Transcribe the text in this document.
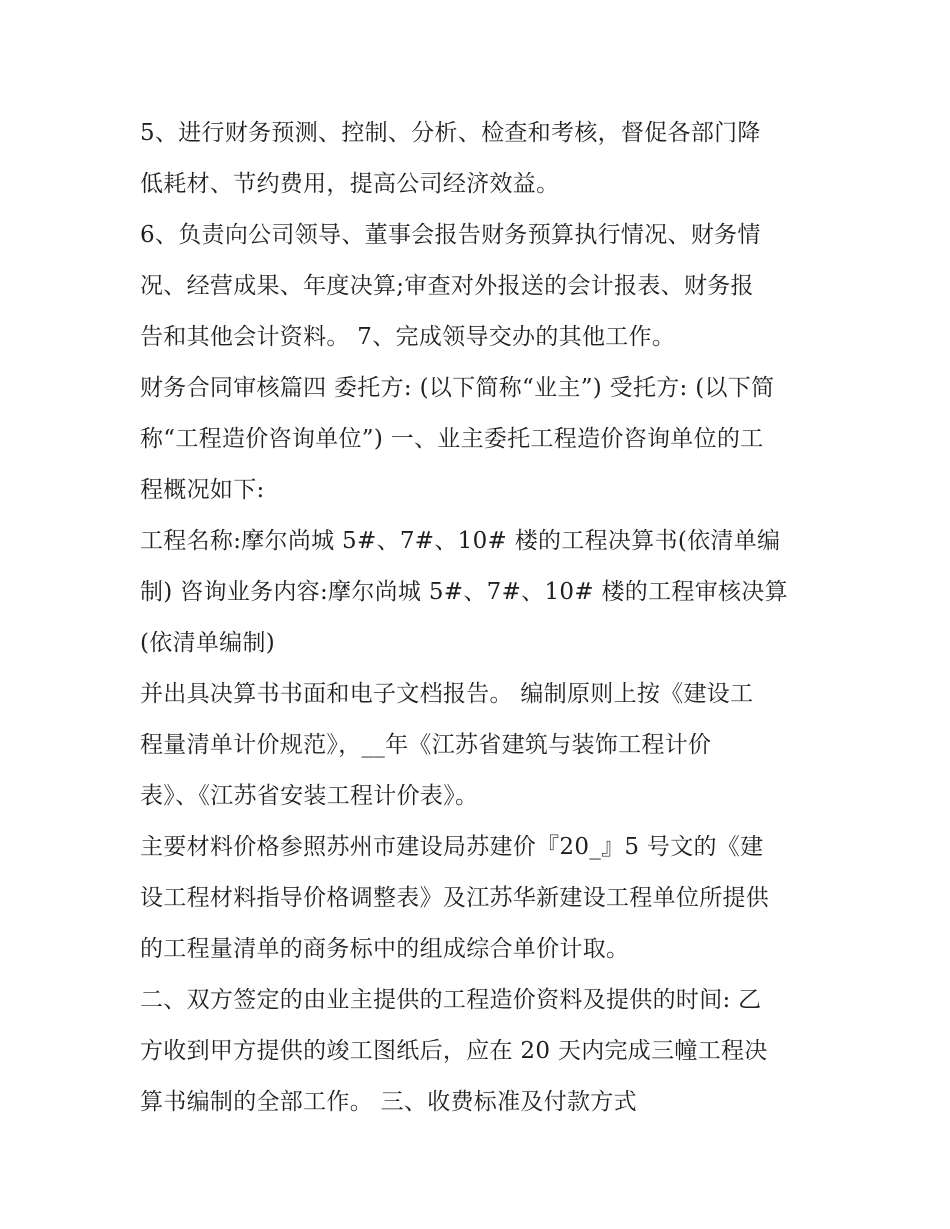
5、进行财务预测、控制、分析、检查和考核，督促各部门降
低耗材、节约费用，提高公司经济效益。
6、负责向公司领导、董事会报告财务预算执行情况、财务情
况、经营成果、年度决算;审查对外报送的会计报表、财务报
告和其他会计资料。 7、完成领导交办的其他工作。
财务合同审核篇四 委托方: (以下简称“业主”) 受托方: (以下简
称“工程造价咨询单位”) 一、业主委托工程造价咨询单位的工
程概况如下:
工程名称:摩尔尚城 5#、7#、10# 楼的工程决算书(依清单编
制) 咨询业务内容:摩尔尚城 5#、7#、10# 楼的工程审核决算
(依清单编制)
并出具决算书书面和电子文档报告。 编制原则上按《建设工
程量清单计价规范》，__年《江苏省建筑与装饰工程计价
表》、《江苏省安装工程计价表》。
主要材料价格参照苏州市建设局苏建价『20_』5 号文的《建
设工程材料指导价格调整表》及江苏华新建设工程单位所提供
的工程量清单的商务标中的组成综合单价计取。
二、双方签定的由业主提供的工程造价资料及提供的时间: 乙
方收到甲方提供的竣工图纸后，应在 20 天内完成三幢工程决
算书编制的全部工作。 三、收费标准及付款方式
